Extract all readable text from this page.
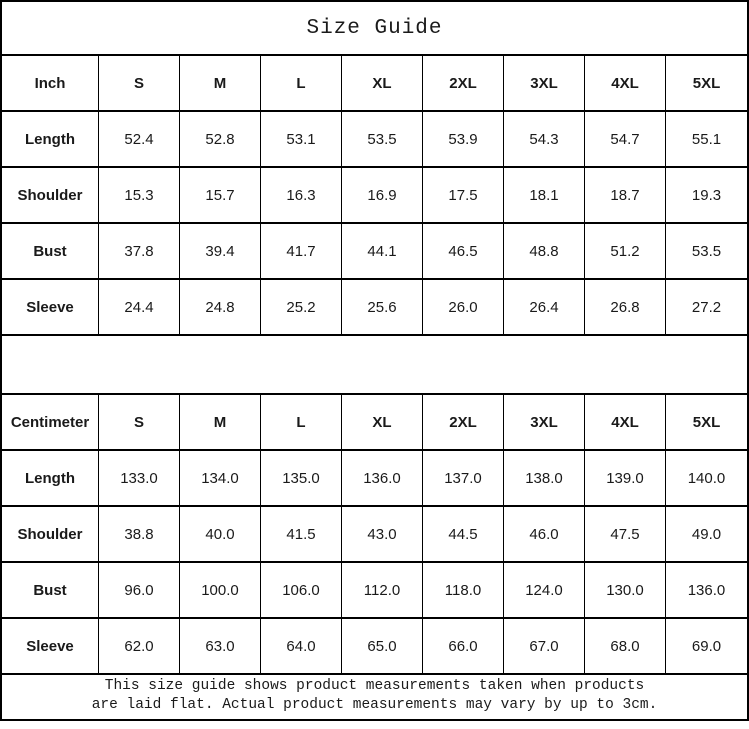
Size Guide
Inch	S	M	L	XL	2XL	3XL	4XL	5XL
Length	52.4	52.8	53.1	53.5	53.9	54.3	54.7	55.1
Shoulder	15.3	15.7	16.3	16.9	17.5	18.1	18.7	19.3
Bust	37.8	39.4	41.7	44.1	46.5	48.8	51.2	53.5
Sleeve	24.4	24.8	25.2	25.6	26.0	26.4	26.8	27.2
Centimeter	S	M	L	XL	2XL	3XL	4XL	5XL
Length	133.0	134.0	135.0	136.0	137.0	138.0	139.0	140.0
Shoulder	38.8	40.0	41.5	43.0	44.5	46.0	47.5	49.0
Bust	96.0	100.0	106.0	112.0	118.0	124.0	130.0	136.0
Sleeve	62.0	63.0	64.0	65.0	66.0	67.0	68.0	69.0
This size guide shows product measurements taken when products
are laid flat. Actual product measurements may vary by up to 3cm.
